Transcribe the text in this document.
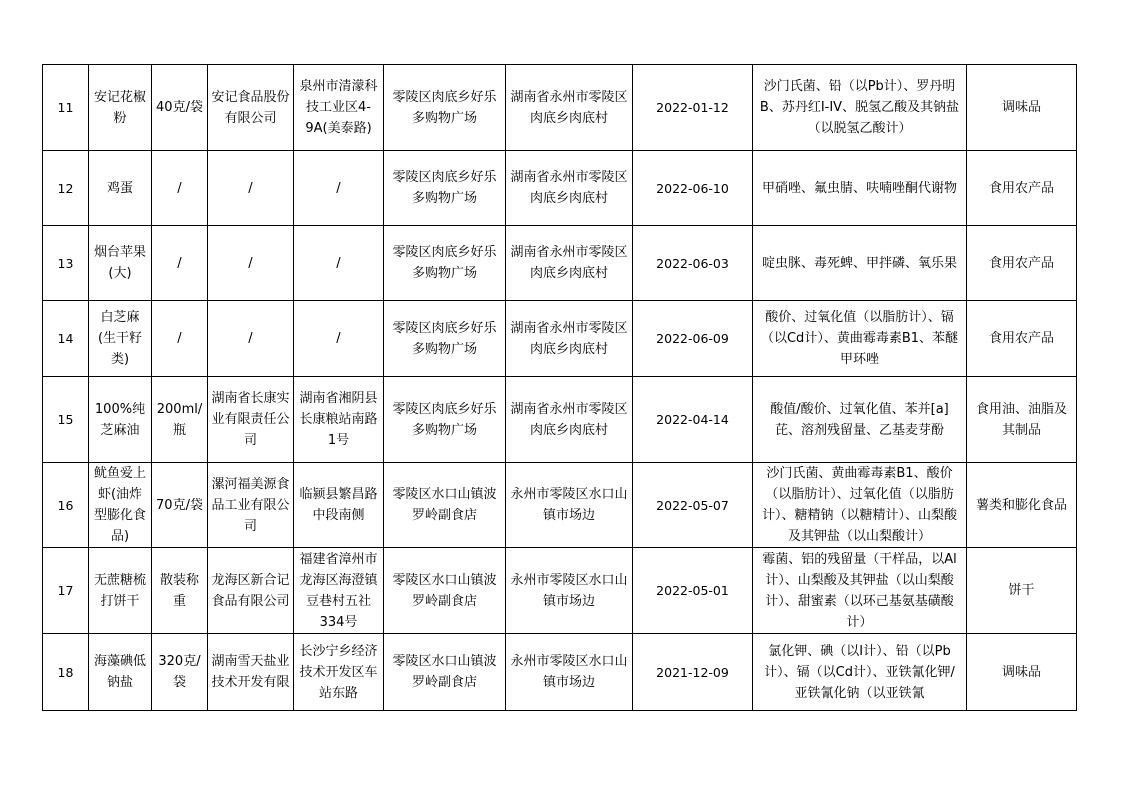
11	安记花椒粉	40克/袋	安记食品股份有限公司	泉州市清濛科技工业区4-9A(美泰路)	零陵区肉底乡好乐多购物广场	湖南省永州市零陵区肉底乡肉底村	2022-01-12	沙门氏菌、铅（以Pb计）、罗丹明B、苏丹红I-IV、脱氢乙酸及其钠盐（以脱氢乙酸计）	调味品
12	鸡蛋	/	/	/	零陵区肉底乡好乐多购物广场	湖南省永州市零陵区肉底乡肉底村	2022-06-10	甲硝唑、氟虫腈、呋喃唑酮代谢物	食用农产品
13	烟台苹果(大)	/	/	/	零陵区肉底乡好乐多购物广场	湖南省永州市零陵区肉底乡肉底村	2022-06-03	啶虫脒、毒死蜱、甲拌磷、氧乐果	食用农产品
14	白芝麻(生干籽类)	/	/	/	零陵区肉底乡好乐多购物广场	湖南省永州市零陵区肉底乡肉底村	2022-06-09	酸价、过氧化值（以脂肪计）、镉（以Cd计）、黄曲霉毒素B1、苯醚甲环唑	食用农产品
15	100%纯芝麻油	200ml/瓶	湖南省长康实业有限责任公司	湖南省湘阴县长康粮站南路1号	零陵区肉底乡好乐多购物广场	湖南省永州市零陵区肉底乡肉底村	2022-04-14	酸值/酸价、过氧化值、苯并[a]芘、溶剂残留量、乙基麦芽酚	食用油、油脂及其制品
16	鱿鱼爱上虾(油炸型膨化食品)	70克/袋	漯河福美源食品工业有限公司	临颍县繁昌路中段南侧	零陵区水口山镇波罗岭副食店	永州市零陵区水口山镇市场边	2022-05-07	沙门氏菌、黄曲霉毒素B1、酸价（以脂肪计）、过氧化值（以脂肪计）、糖精钠（以糖精计）、山梨酸及其钾盐（以山梨酸计）	薯类和膨化食品
17	无蔗糖梳打饼干	散装称重	龙海区新合记食品有限公司	福建省漳州市龙海区海澄镇豆巷村五社334号	零陵区水口山镇波罗岭副食店	永州市零陵区水口山镇市场边	2022-05-01	霉菌、铝的残留量（干样品，以Al计）、山梨酸及其钾盐（以山梨酸计）、甜蜜素（以环己基氨基磺酸计）	饼干
18	海藻碘低钠盐	320克/袋	湖南雪天盐业技术开发有限	长沙宁乡经济技术开发区车站东路	零陵区水口山镇波罗岭副食店	永州市零陵区水口山镇市场边	2021-12-09	氯化钾、碘（以I计）、铅（以Pb计）、镉（以Cd计）、亚铁氰化钾/亚铁氰化钠（以亚铁氰	调味品
